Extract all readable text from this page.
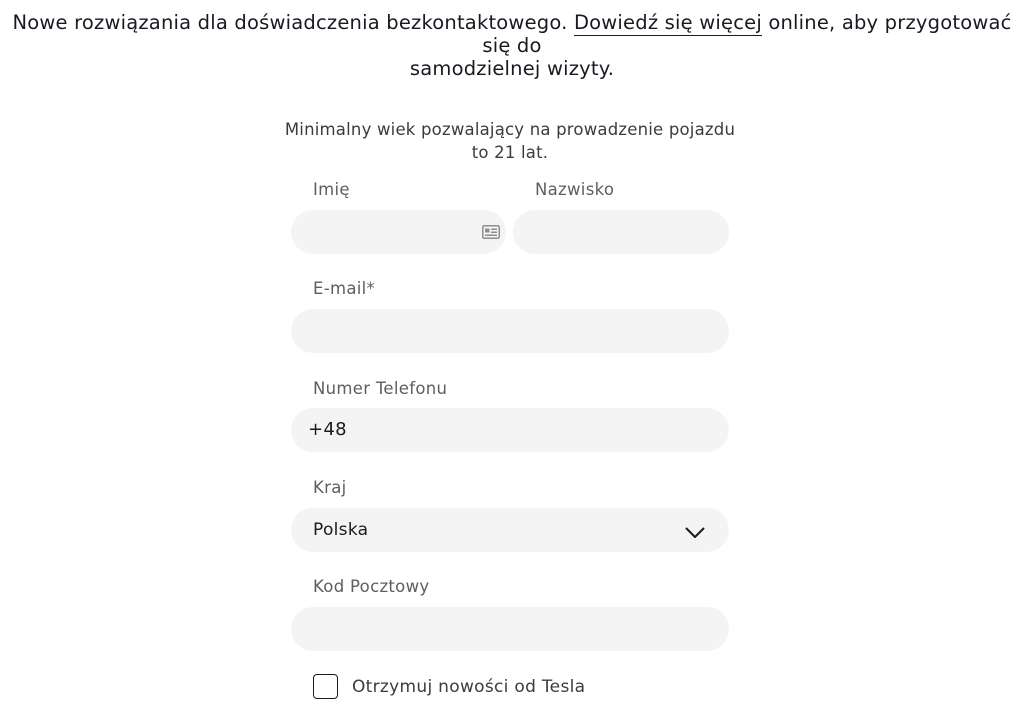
Nowe rozwiązania dla doświadczenia bezkontaktowego. Dowiedź się więcej online, aby przygotować się do
samodzielnej wizyty.
Minimalny wiek pozwalający na prowadzenie pojazdu
to 21 lat.
Imię	Nazwisko
E-mail*
Numer Telefonu
+48
Kraj
Polska
Kod Pocztowy
Otrzymuj nowości od Tesla
